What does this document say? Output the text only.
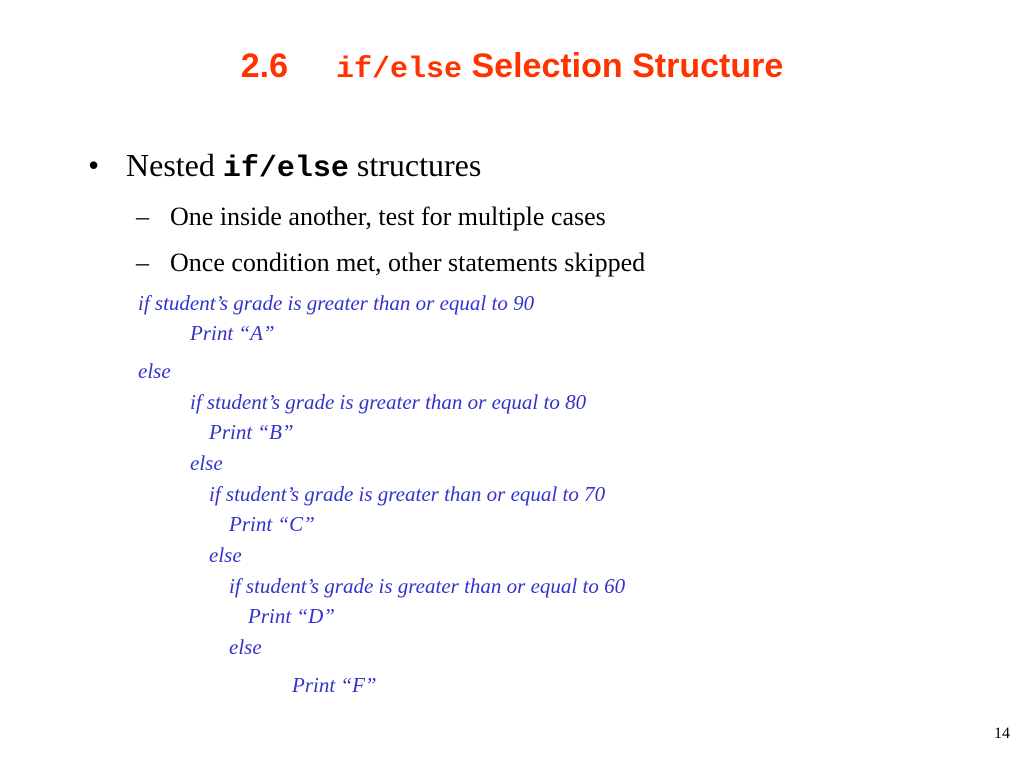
2.6 if/else Selection Structure
• Nested if/else structures
– One inside another, test for multiple cases
– Once condition met, other statements skipped
if student’s grade is greater than or equal to 90
Print “A”
else
if student’s grade is greater than or equal to 80
Print “B”
else
if student’s grade is greater than or equal to 70
Print “C”
else
if student’s grade is greater than or equal to 60
Print “D”
else
Print “F”
14
